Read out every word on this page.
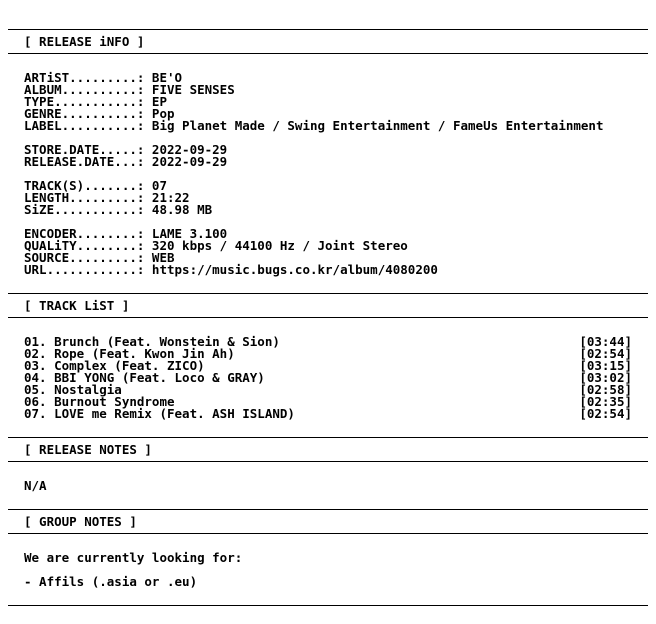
[ RELEASE iNFO ]
ARTiST.........: BE'O
ALBUM..........: FIVE SENSES
TYPE...........: EP
GENRE..........: Pop
LABEL..........: Big Planet Made / Swing Entertainment / FameUs Entertainment
STORE.DATE.....: 2022-09-29
RELEASE.DATE...: 2022-09-29
TRACK(S).......: 07
LENGTH.........: 21:22
SiZE...........: 48.98 MB
ENCODER........: LAME 3.100
QUALiTY........: 320 kbps / 44100 Hz / Joint Stereo
SOURCE.........: WEB
URL............: https://music.bugs.co.kr/album/4080200
[ TRACK LiST ]
01. Brunch (Feat. Wonstein & Sion)	[03:44]
02. Rope (Feat. Kwon Jin Ah)	[02:54]
03. Complex (Feat. ZICO)	[03:15]
04. BBI YONG (Feat. Loco & GRAY)	[03:02]
05. Nostalgia	[02:58]
06. Burnout Syndrome	[02:35]
07. LOVE me Remix (Feat. ASH ISLAND)	[02:54]
[ RELEASE NOTES ]
N/A
[ GROUP NOTES ]
We are currently looking for:
- Affils (.asia or .eu)
